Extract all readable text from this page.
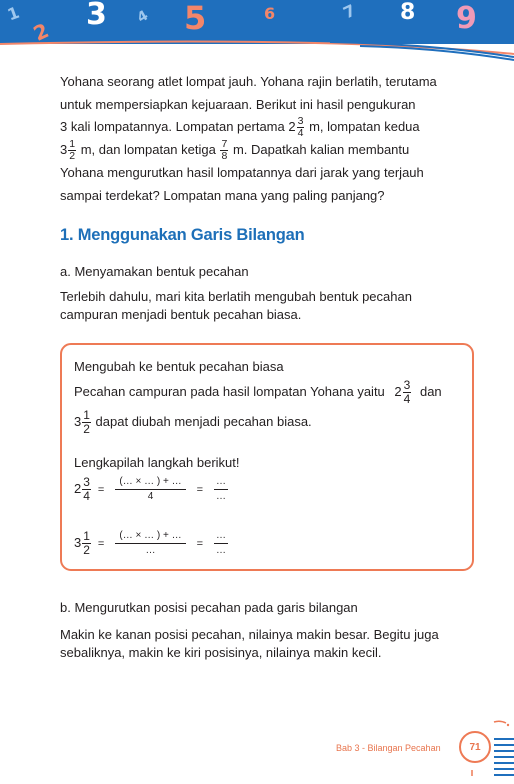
1
2 3 4 5	6	7 8 9
Yohana seorang atlet lompat jauh. Yohana rajin berlatih, terutama
untuk mempersiapkan kejuaraan. Berikut ini hasil pengukuran
3 kali lompatannya. Lompatan pertama $2 \frac{3}{4} m$, lompatan kedua
$3 \frac{1}{2} m$, dan lompatan ketiga $\frac{7}{8} m$. Dapatkah kalian membantu
Yohana mengurutkan hasil lompatannya dari jarak yang terjauh
sampai terdekat? Lompatan mana yang paling panjang?
1. Menggunakan Garis Bilangan
a. Menyamakan bentuk pecahan
Terlebih dahulu, mari kita berlatih mengubah bentuk pecahan
campuran menjadi bentuk pecahan biasa.
Mengubah ke bentuk pecahan biasa
Pecahan campuran pada hasil lompatan Yohana yaitu $2 \frac{3}{4}$ dan
$3 \frac{1}{2}$ dapat diubah menjadi pecahan biasa.
Lengkapilah langkah berikut!
$2 \frac{3}{4} = \frac{(\dots \times \dots ) + \dots}{4} = \frac{\dots}{\dots}$
$3 \frac{1}{2} = \frac{(\dots \times \dots ) + \dots}{\dots} = \frac{\dots}{\dots}$
b. Mengurutkan posisi pecahan pada garis bilangan
Makin ke kanan posisi pecahan, nilainya makin besar. Begitu juga
sebaliknya, makin ke kiri posisinya, nilainya makin kecil.
Bab 3 - Bilangan Pecahan	71
